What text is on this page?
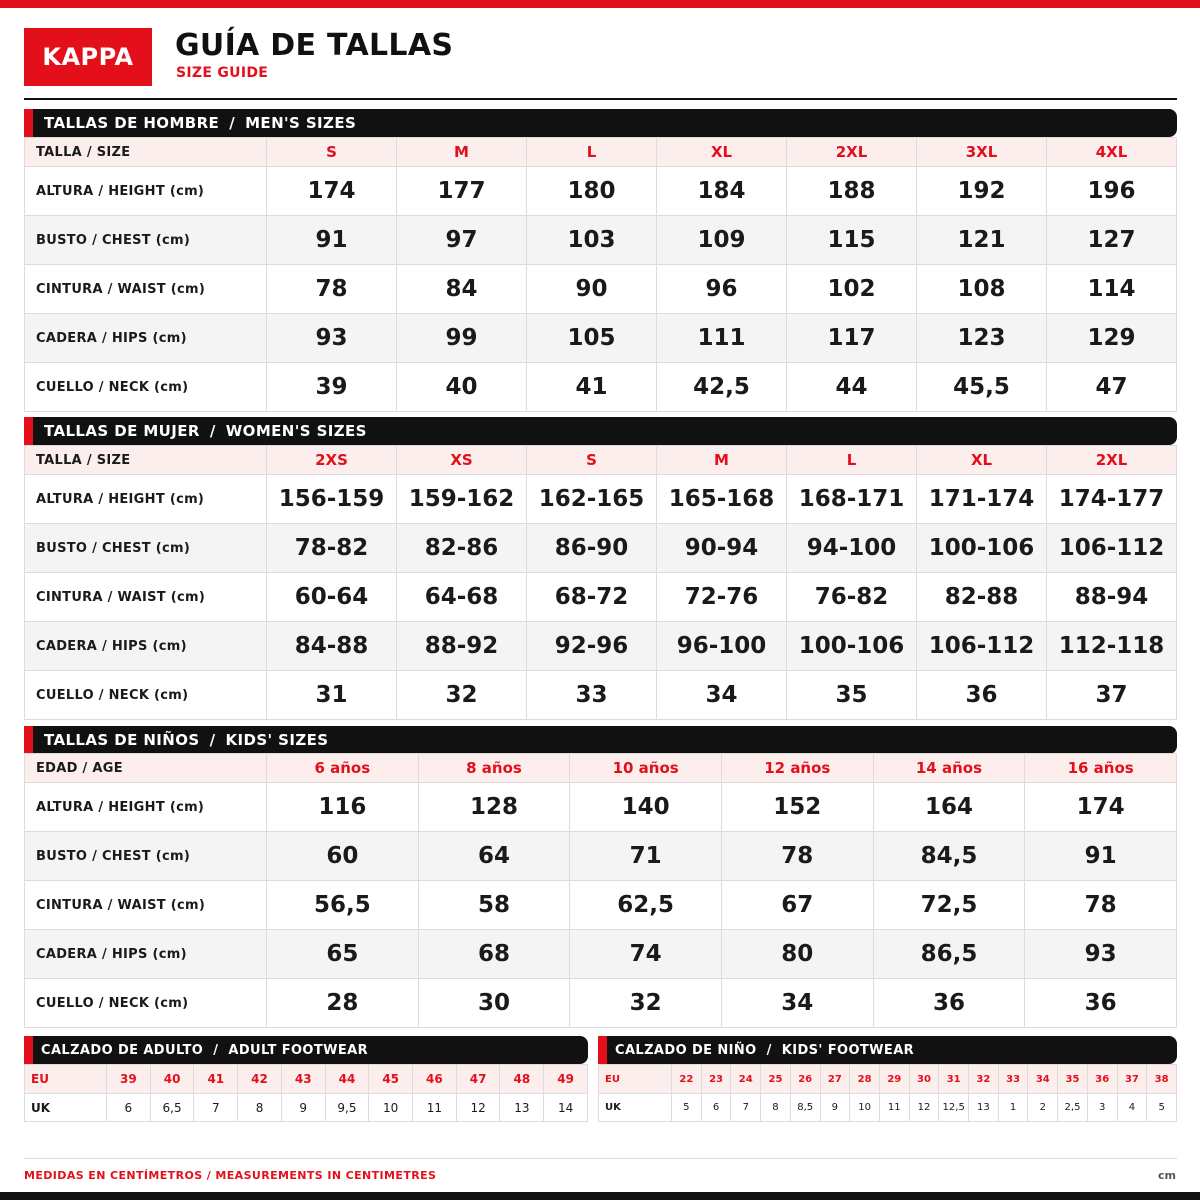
KAPPA	GUÍA DE TALLAS
SIZE GUIDE
TALLAS DE HOMBRE / MEN'S SIZES
TALLA / SIZE	S	M	L	XL	2XL	3XL	4XL
ALTURA / HEIGHT (cm)	174	177	180	184	188	192	196
BUSTO / CHEST (cm)	91	97	103	109	115	121	127
CINTURA / WAIST (cm)	78	84	90	96	102	108	114
CADERA / HIPS (cm)	93	99	105	111	117	123	129
CUELLO / NECK (cm)	39	40	41	42,5	44	45,5	47
TALLAS DE MUJER / WOMEN'S SIZES
TALLA / SIZE	2XS	XS	S	M	L	XL	2XL
ALTURA / HEIGHT (cm)	156-159	159-162	162-165	165-168	168-171	171-174	174-177
BUSTO / CHEST (cm)	78-82	82-86	86-90	90-94	94-100	100-106	106-112
CINTURA / WAIST (cm)	60-64	64-68	68-72	72-76	76-82	82-88	88-94
CADERA / HIPS (cm)	84-88	88-92	92-96	96-100	100-106	106-112	112-118
CUELLO / NECK (cm)	31	32	33	34	35	36	37
TALLAS DE NIÑOS / KIDS' SIZES
EDAD / AGE	6 años	8 años	10 años	12 años	14 años	16 años
ALTURA / HEIGHT (cm)	116	128	140	152	164	174
BUSTO / CHEST (cm)	60	64	71	78	84,5	91
CINTURA / WAIST (cm)	56,5	58	62,5	67	72,5	78
CADERA / HIPS (cm)	65	68	74	80	86,5	93
CUELLO / NECK (cm)	28	30	32	34	36	36
CALZADO DE ADULTO / ADULT FOOTWEAR
EU	39	40	41	42	43	44	45	46	47	48	49
UK	6	6,5	7	8	9	9,5	10	11	12	13	14
CALZADO DE NIÑO / KIDS' FOOTWEAR
EU	22	23	24	25	26	27	28	29	30	31	32	33	34	35	36	37	38
UK	5	6	7	8	8,5	9	10	11	12	12,5	13	1	2	2,5	3	4	5
MEDIDAS EN CENTÍMETROS / MEASUREMENTS IN CENTIMETRES	cm
